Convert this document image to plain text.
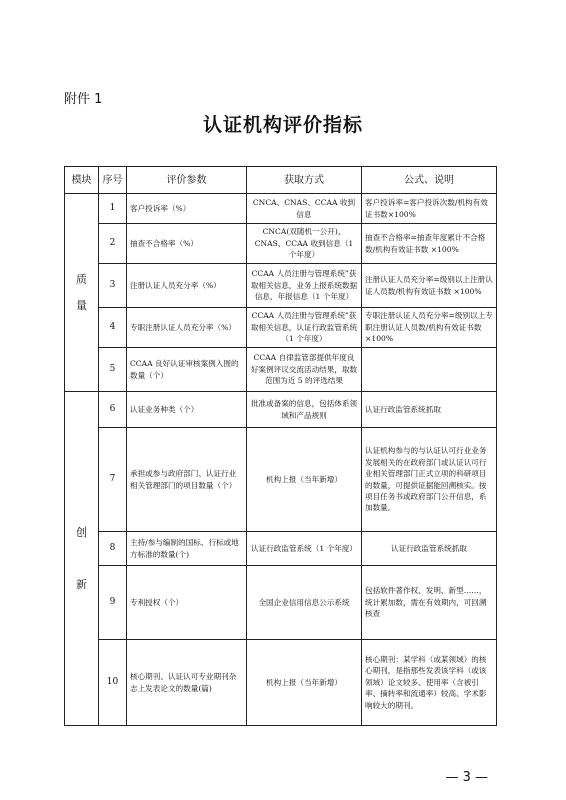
附件 1
认证机构评价指标
模块	序号	评价参数	获取方式	公式、说明

质
量	1	客户投诉率（%）	CNCA、CNAS、CCAA 收到信息	客户投诉率=客户投诉次数/机构有效证书数×100%
	2	抽查不合格率（%）	CNCA(双随机一公开)、CNAS、CCAA 收到信息（1 个年度）	抽查不合格率=抽查年度累计不合格数/机构有效证书数 ×100%
	3	注册认证人员充分率（%）	CCAA 人员注册与管理系统”获取相关信息，业务上报系统数据信息，年报信息（1 个年度）	注册认证人员充分率=级别以上注册认证人员数/机构有效证书数 ×100%
	4	专职注册认证人员充分率（%）	CCAA 人员注册与管理系统”获取相关信息，认证行政监管系统（1 个年度）	专职注册认证人员充分率=级别以上专职注册认证人员数/机构有效证书数 ×100%
	5	CCAA 良好认证审核案例入围的数量（个）	CCAA 自律监管部提供年度良好案例评议交流活动结果，取数范围为近 5 的评选结果	

创

新	6	认证业务种类（个）	批准或备案的信息，包括体系领域和产品规则	认证行政监管系统抓取
	7	承担或参与政府部门、认证行业相关管理部门的项目数量（个）	机构上报（当年新增）	认证机构参与的与认证认可行业业务发展相关的在政府部门或认证认可行业相关管理部门正式立项的科研项目的数量，可提供证据能回溯核实。按项目任务书或政府部门公开信息，系加数量。
	8	主持/参与编制的国标、行标或地方标准的数量(个)	认证行政监管系统（1 个年度）	认证行政监管系统抓取
	9	专利授权（个）	全国企业信用信息公示系统	包括软件著作权、发明、新型……，统计累加数，需在有效期内，可回溯核查
	10	核心期刊、认证认可专业期刊杂志上发表论文的数量(篇)	机构上报（当年新增）	核心期刊：某学科（或某领域）的核心期刊，是指那些发表该学科（或该领域）论文较多、使用率（含被引率、摘转率和流通率）较高、学术影响较大的期刊。
— 3 —
